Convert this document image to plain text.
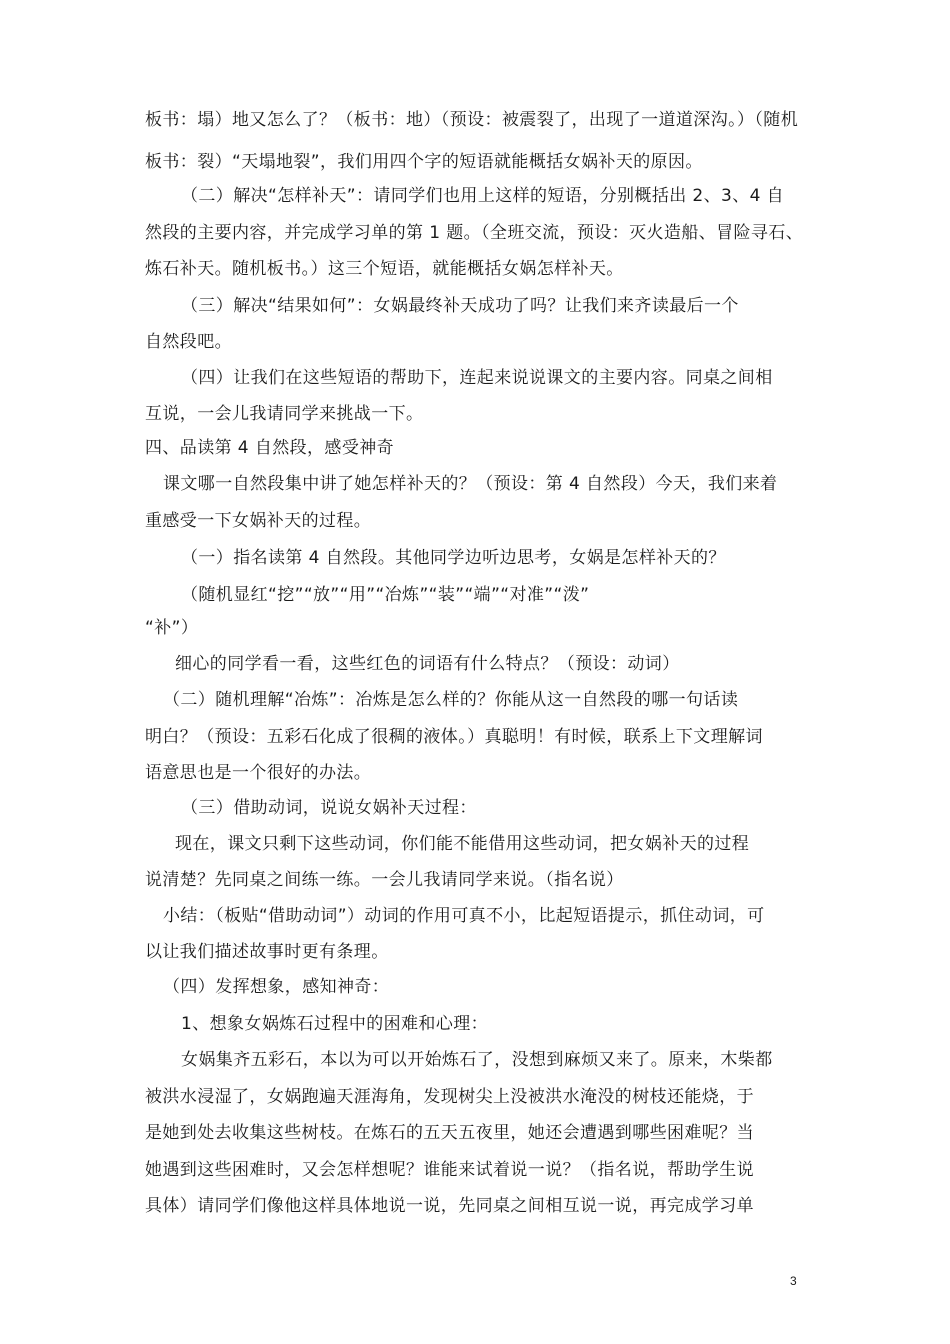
板书：塌）地又怎么了？（板书：地）（预设：被震裂了，出现了一道道深沟。）（随机
板书：裂）“天塌地裂”，我们用四个字的短语就能概括女娲补天的原因。
（二）解决“怎样补天”：请同学们也用上这样的短语，分别概括出 2、3、4 自
然段的主要内容，并完成学习单的第 1 题。（全班交流，预设：灭火造船、冒险寻石、
炼石补天。随机板书。）这三个短语，就能概括女娲怎样补天。
（三）解决“结果如何”：女娲最终补天成功了吗？让我们来齐读最后一个
自然段吧。
（四）让我们在这些短语的帮助下，连起来说说课文的主要内容。同桌之间相
互说，一会儿我请同学来挑战一下。
四、品读第 4 自然段，感受神奇
课文哪一自然段集中讲了她怎样补天的？（预设：第 4 自然段）今天，我们来着
重感受一下女娲补天的过程。
（一）指名读第 4 自然段。其他同学边听边思考，女娲是怎样补天的？
（随机显红“挖”“放”“用”“冶炼”“装”“端”“对准”“泼”
“补”）
细心的同学看一看，这些红色的词语有什么特点？（预设：动词）
（二）随机理解“冶炼”：冶炼是怎么样的？你能从这一自然段的哪一句话读
明白？（预设：五彩石化成了很稠的液体。）真聪明！有时候，联系上下文理解词
语意思也是一个很好的办法。
（三）借助动词，说说女娲补天过程：
现在，课文只剩下这些动词，你们能不能借用这些动词，把女娲补天的过程
说清楚？先同桌之间练一练。一会儿我请同学来说。（指名说）
小结：（板贴“借助动词”）动词的作用可真不小，比起短语提示，抓住动词，可
以让我们描述故事时更有条理。
（四）发挥想象，感知神奇：
1、想象女娲炼石过程中的困难和心理：
女娲集齐五彩石，本以为可以开始炼石了，没想到麻烦又来了。原来，木柴都
被洪水浸湿了，女娲跑遍天涯海角，发现树尖上没被洪水淹没的树枝还能烧，于
是她到处去收集这些树枝。在炼石的五天五夜里，她还会遭遇到哪些困难呢？当
她遇到这些困难时，又会怎样想呢？谁能来试着说一说？（指名说，帮助学生说
具体）请同学们像他这样具体地说一说，先同桌之间相互说一说，再完成学习单
3
